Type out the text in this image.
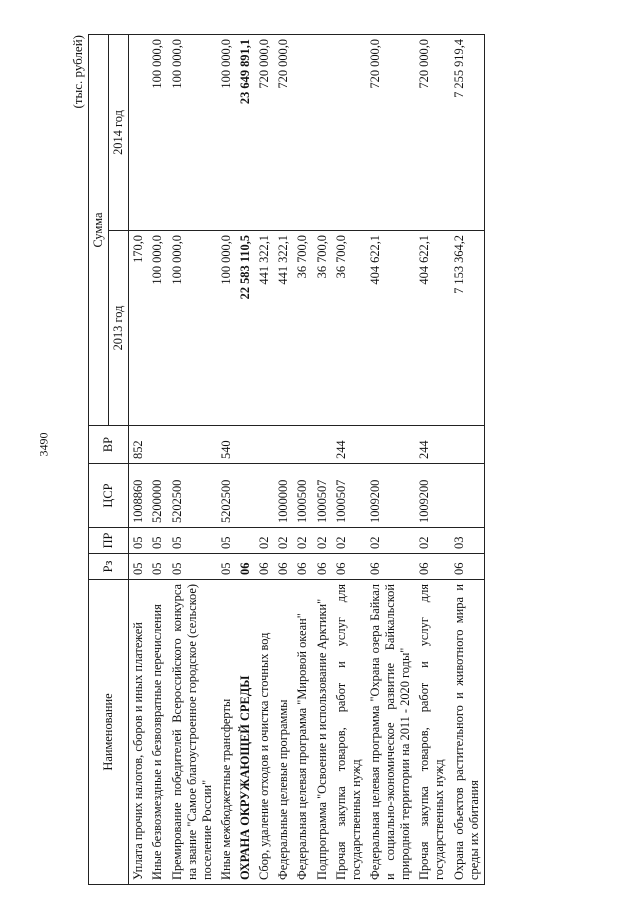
3490
(тыс. рублей)
Наименование	Рз	ПР	ЦСР	ВР	Сумма	
					2013 год	2014 год
Уплата прочих налогов, сборов и иных платежей	05	05	1008860	852	170,0	
Иные безвозмездные и безвозвратные перечисления	05	05	5200000		100 000,0	100 000,0
Премирование победителей Всероссийского конкурса на звание "Самое благоустроенное городское (сельское) поселение России"	05	05	5202500		100 000,0	100 000,0
Иные межбюджетные трансферты	05	05	5202500	540	100 000,0	100 000,0
ОХРАНА ОКРУЖАЮЩЕЙ СРЕДЫ	06				22 583 110,5	23 649 891,1
Сбор, удаление отходов и очистка сточных вод	06	02			441 322,1	720 000,0
Федеральные целевые программы	06	02	1000000		441 322,1	720 000,0
Федеральная целевая программа "Мировой океан"	06	02	1000500		36 700,0	
Подпрограмма "Освоение и использование Арктики"	06	02	1000507		36 700,0	
Прочая закупка товаров, работ и услуг для государственных нужд	06	02	1000507	244	36 700,0	
Федеральная целевая программа "Охрана озера Байкал и социально-экономическое развитие Байкальской природной территории на 2011 - 2020 годы"	06	02	1009200		404 622,1	720 000,0
Прочая закупка товаров, работ и услуг для государственных нужд	06	02	1009200	244	404 622,1	720 000,0
Охрана объектов растительного и животного мира и среды их обитания	06	03			7 153 364,2	7 255 919,4
